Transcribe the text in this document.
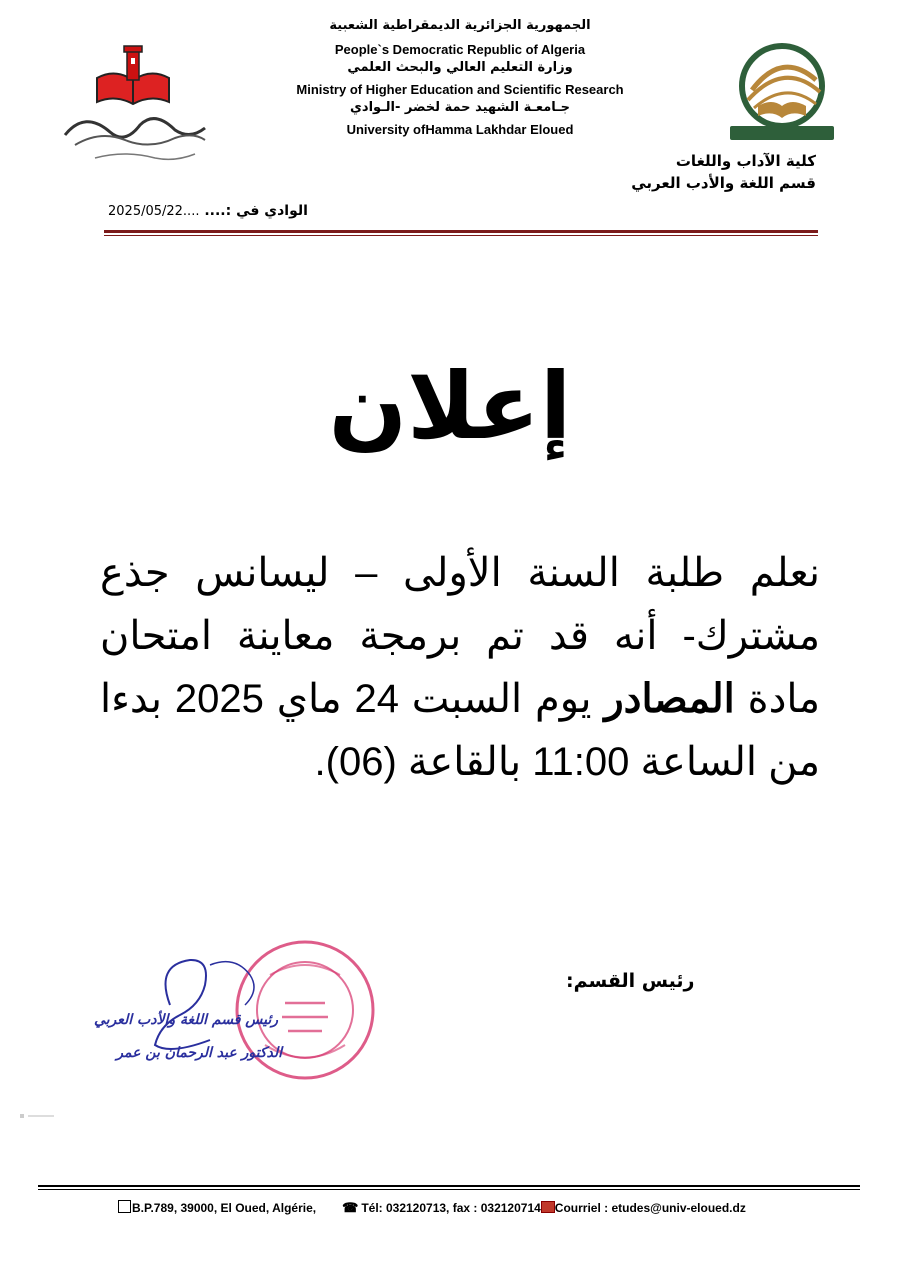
الجمهورية الجزائرية الديمقراطية الشعبية
People`s Democratic Republic of Algeria
وزارة التعليم العالي والبحث العلمي
Ministry of Higher Education and Scientific Research
جـامعـة الشهيد حمة لخضر -الـوادي
University ofHamma Lakhdar Eloued
كلية الآداب واللغات
قسم اللغة والأدب العربي
2025/05/22.... الوادي في :....
إعلان
نعلم طلبة السنة الأولى – ليسانس جذع مشترك- أنه قد تم برمجة معاينة امتحان مادة المصادر يوم السبت 24 ماي 2025 بدءا من الساعة 11:00 بالقاعة (06).
رئيس القسم:
رئيس قسم اللغة والأدب العربي
الدكتور عبد الرحمان بن عمر
B.P.789, 39000, El Oued, Algérie, ☎ Tél: 032120713, fax : 032120714 Courriel : etudes@univ-eloued.dz
